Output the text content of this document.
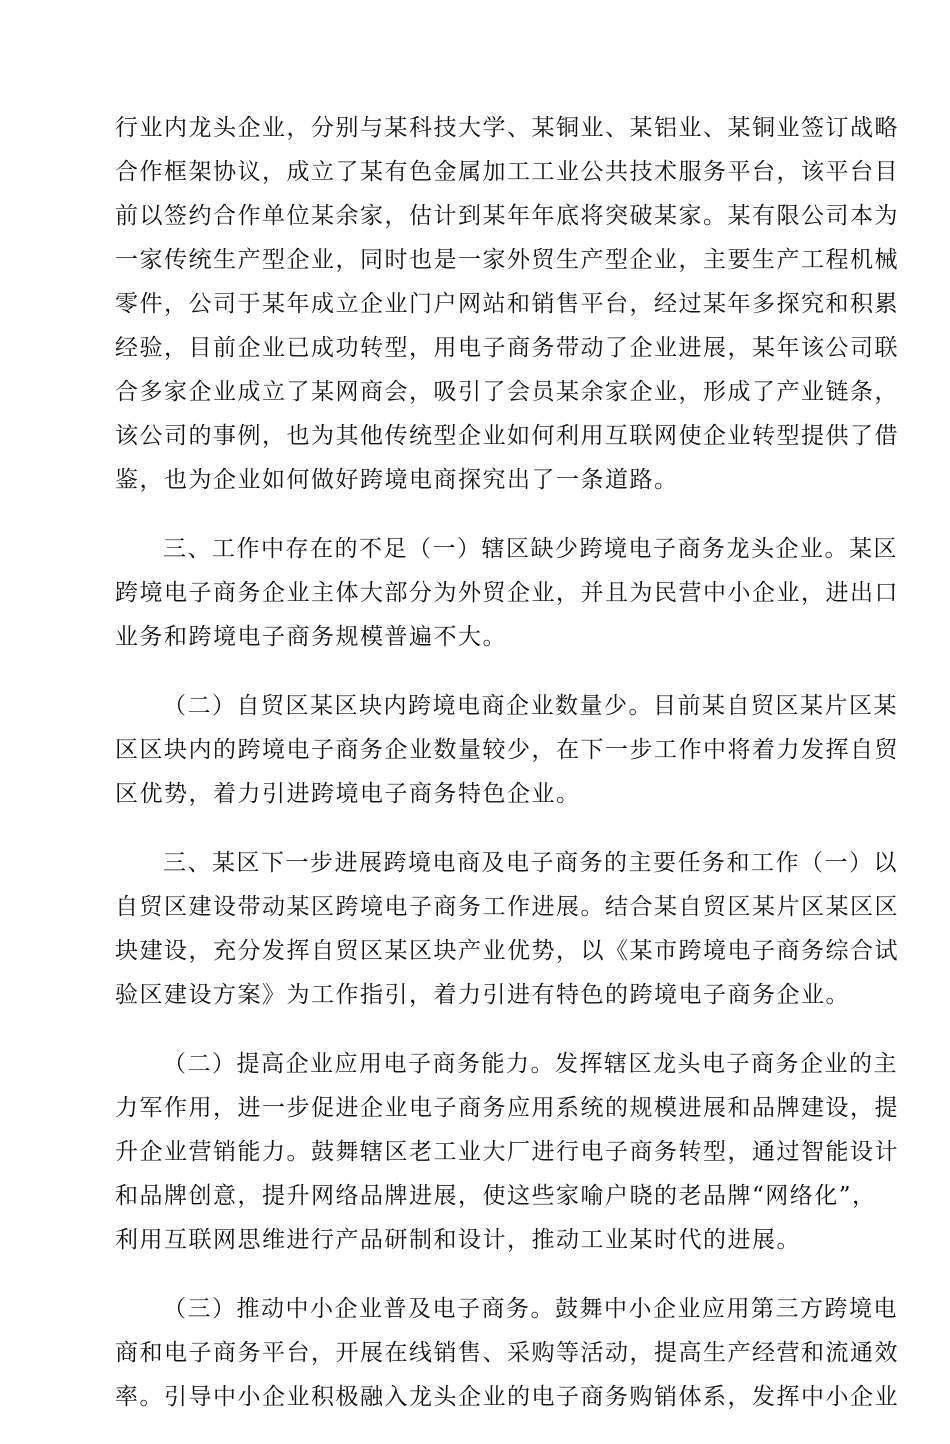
行业内龙头企业，分别与某科技大学、某铜业、某铝业、某铜业签订战略
合作框架协议，成立了某有色金属加工工业公共技术服务平台，该平台目
前以签约合作单位某余家，估计到某年年底将突破某家。某有限公司本为
一家传统生产型企业，同时也是一家外贸生产型企业，主要生产工程机械
零件，公司于某年成立企业门户网站和销售平台，经过某年多探究和积累
经验，目前企业已成功转型，用电子商务带动了企业进展，某年该公司联
合多家企业成立了某网商会，吸引了会员某余家企业，形成了产业链条，
该公司的事例，也为其他传统型企业如何利用互联网使企业转型提供了借
鉴，也为企业如何做好跨境电商探究出了一条道路。
三、工作中存在的不足（一）辖区缺少跨境电子商务龙头企业。某区
跨境电子商务企业主体大部分为外贸企业，并且为民营中小企业，进出口
业务和跨境电子商务规模普遍不大。
（二）自贸区某区块内跨境电商企业数量少。目前某自贸区某片区某
区区块内的跨境电子商务企业数量较少，在下一步工作中将着力发挥自贸
区优势，着力引进跨境电子商务特色企业。
三、某区下一步进展跨境电商及电子商务的主要任务和工作（一）以
自贸区建设带动某区跨境电子商务工作进展。结合某自贸区某片区某区区
块建设，充分发挥自贸区某区块产业优势，以《某市跨境电子商务综合试
验区建设方案》为工作指引，着力引进有特色的跨境电子商务企业。
（二）提高企业应用电子商务能力。发挥辖区龙头电子商务企业的主
力军作用，进一步促进企业电子商务应用系统的规模进展和品牌建设，提
升企业营销能力。鼓舞辖区老工业大厂进行电子商务转型，通过智能设计
和品牌创意，提升网络品牌进展，使这些家喻户晓的老品牌“网络化”，
利用互联网思维进行产品研制和设计，推动工业某时代的进展。
（三）推动中小企业普及电子商务。鼓舞中小企业应用第三方跨境电
商和电子商务平台，开展在线销售、采购等活动，提高生产经营和流通效
率。引导中小企业积极融入龙头企业的电子商务购销体系，发挥中小企业
